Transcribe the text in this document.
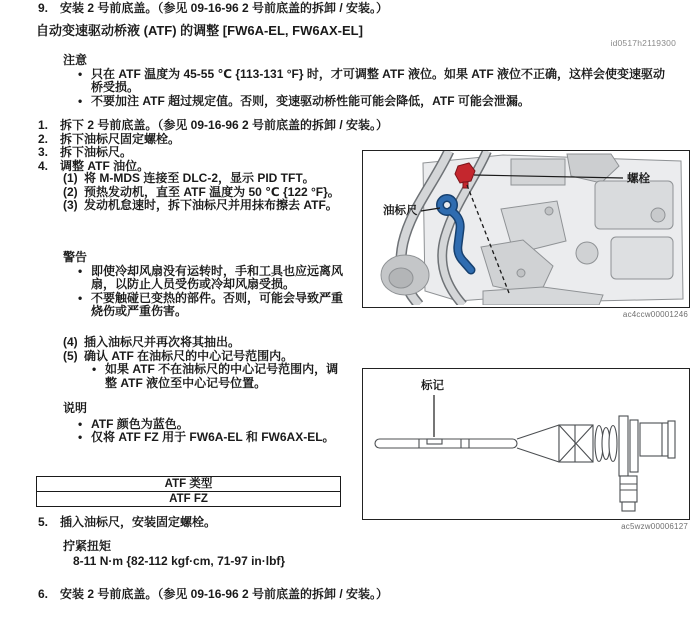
9. 安装 2 号前底盖。（参见 09-16-96 2 号前底盖的拆卸 / 安装。）
自动变速驱动桥液 (ATF) 的调整 [FW6A-EL, FW6AX-EL]
id0517h2119300
注意
• 只在 ATF 温度为 45-55 ℃ {113-131 °F} 时，才可调整 ATF 液位。如果 ATF 液位不正确，这样会使变速驱动桥受损。
• 不要加注 ATF 超过规定值。否则，变速驱动桥性能可能会降低，ATF 可能会泄漏。
1. 拆下 2 号前底盖。（参见 09-16-96 2 号前底盖的拆卸 / 安装。）
2. 拆下油标尺固定螺栓。
3. 拆下油标尺。
4. 调整 ATF 油位。
(1) 将 M-MDS 连接至 DLC-2，显示 PID TFT。
(2) 预热发动机，直至 ATF 温度为 50 ℃ {122 °F}。
(3) 发动机怠速时，拆下油标尺并用抹布擦去 ATF。
警告
• 即使冷却风扇没有运转时，手和工具也应远离风扇，以防止人员受伤或冷却风扇受损。
• 不要触碰已变热的部件。否则，可能会导致严重烧伤或严重伤害。
(4) 插入油标尺并再次将其抽出。
(5) 确认 ATF 在油标尺的中心记号范围内。
• 如果 ATF 不在油标尺的中心记号范围内，调整 ATF 液位至中心记号位置。
说明
• ATF 颜色为蓝色。
• 仅将 ATF FZ 用于 FW6A-EL 和 FW6AX-EL。
ATF 类型
ATF FZ
5. 插入油标尺，安装固定螺栓。
拧紧扭矩
8-11 N·m {82-112 kgf·cm, 71-97 in·lbf}
6. 安装 2 号前底盖。（参见 09-16-96 2 号前底盖的拆卸 / 安装。）
螺栓
油标尺
ac4ccw00001246
标记
ac5wzw00006127
